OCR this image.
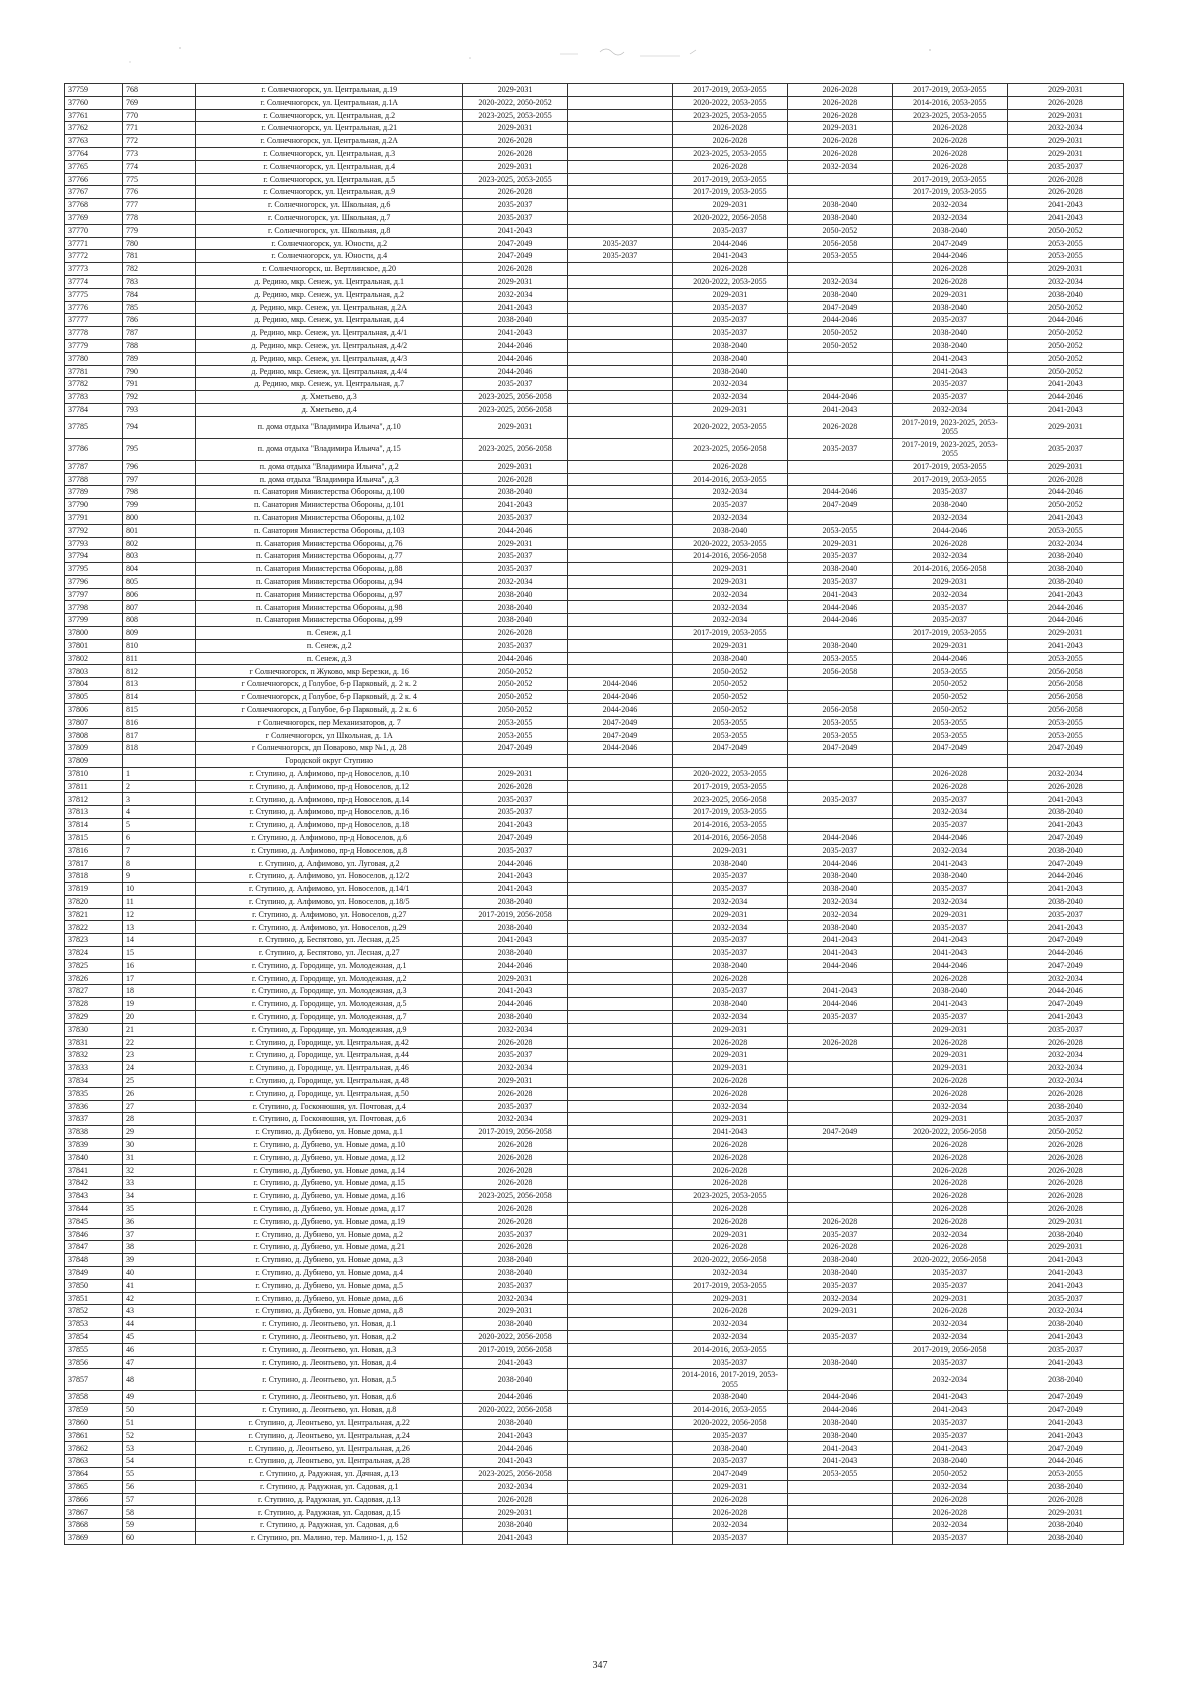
37759	768	г. Солнечногорск, ул. Центральная, д.19	2029-2031		2017-2019, 2053-2055	2026-2028	2017-2019, 2053-2055	2029-2031
37760	769	г. Солнечногорск, ул. Центральная, д.1А	2020-2022, 2050-2052		2020-2022, 2053-2055	2026-2028	2014-2016, 2053-2055	2026-2028
37761	770	г. Солнечногорск, ул. Центральная, д.2	2023-2025, 2053-2055		2023-2025, 2053-2055	2026-2028	2023-2025, 2053-2055	2029-2031
37762	771	г. Солнечногорск, ул. Центральная, д.21	2029-2031		2026-2028	2029-2031	2026-2028	2032-2034
37763	772	г. Солнечногорск, ул. Центральная, д.2А	2026-2028		2026-2028	2026-2028	2026-2028	2029-2031
37764	773	г. Солнечногорск, ул. Центральная, д.3	2026-2028		2023-2025, 2053-2055	2026-2028	2026-2028	2029-2031
37765	774	г. Солнечногорск, ул. Центральная, д.4	2029-2031		2026-2028	2032-2034	2026-2028	2035-2037
37766	775	г. Солнечногорск, ул. Центральная, д.5	2023-2025, 2053-2055		2017-2019, 2053-2055		2017-2019, 2053-2055	2026-2028
37767	776	г. Солнечногорск, ул. Центральная, д.9	2026-2028		2017-2019, 2053-2055		2017-2019, 2053-2055	2026-2028
37768	777	г. Солнечногорск, ул. Школьная, д.6	2035-2037		2029-2031	2038-2040	2032-2034	2041-2043
37769	778	г. Солнечногорск, ул. Школьная, д.7	2035-2037		2020-2022, 2056-2058	2038-2040	2032-2034	2041-2043
37770	779	г. Солнечногорск, ул. Школьная, д.8	2041-2043		2035-2037	2050-2052	2038-2040	2050-2052
37771	780	г. Солнечногорск, ул. Юности, д.2	2047-2049	2035-2037	2044-2046	2056-2058	2047-2049	2053-2055
37772	781	г. Солнечногорск, ул. Юности, д.4	2047-2049	2035-2037	2041-2043	2053-2055	2044-2046	2053-2055
37773	782	г. Солнечногорск, ш. Вертлинское, д.20	2026-2028		2026-2028		2026-2028	2029-2031
37774	783	д. Редино, мкр. Сенеж, ул. Центральная, д.1	2029-2031		2020-2022, 2053-2055	2032-2034	2026-2028	2032-2034
37775	784	д. Редино, мкр. Сенеж, ул. Центральная, д.2	2032-2034		2029-2031	2038-2040	2029-2031	2038-2040
37776	785	д. Редино, мкр. Сенеж, ул. Центральная, д.2А	2041-2043		2035-2037	2047-2049	2038-2040	2050-2052
37777	786	д. Редино, мкр. Сенеж, ул. Центральная, д.4	2038-2040		2035-2037	2044-2046	2035-2037	2044-2046
37778	787	д. Редино, мкр. Сенеж, ул. Центральная, д.4/1	2041-2043		2035-2037	2050-2052	2038-2040	2050-2052
37779	788	д. Редино, мкр. Сенеж, ул. Центральная, д.4/2	2044-2046		2038-2040	2050-2052	2038-2040	2050-2052
37780	789	д. Редино, мкр. Сенеж, ул. Центральная, д.4/3	2044-2046		2038-2040		2041-2043	2050-2052
37781	790	д. Редино, мкр. Сенеж, ул. Центральная, д.4/4	2044-2046		2038-2040		2041-2043	2050-2052
37782	791	д. Редино, мкр. Сенеж, ул. Центральная, д.7	2035-2037		2032-2034		2035-2037	2041-2043
37783	792	д. Хметьево, д.3	2023-2025, 2056-2058		2032-2034	2044-2046	2035-2037	2044-2046
37784	793	д. Хметьево, д.4	2023-2025, 2056-2058		2029-2031	2041-2043	2032-2034	2041-2043
37785	794	п. дома отдыха "Владимира Ильича", д.10	2029-2031		2020-2022, 2053-2055	2026-2028	2017-2019, 2023-2025, 2053-2055	2029-2031
37786	795	п. дома отдыха "Владимира Ильича", д.15	2023-2025, 2056-2058		2023-2025, 2056-2058	2035-2037	2017-2019, 2023-2025, 2053-2055	2035-2037
37787	796	п. дома отдыха "Владимира Ильича", д.2	2029-2031		2026-2028		2017-2019, 2053-2055	2029-2031
37788	797	п. дома отдыха "Владимира Ильича", д.3	2026-2028		2014-2016, 2053-2055		2017-2019, 2053-2055	2026-2028
37789	798	п. Санатория Министерства Обороны, д.100	2038-2040		2032-2034	2044-2046	2035-2037	2044-2046
37790	799	п. Санатория Министерства Обороны, д.101	2041-2043		2035-2037	2047-2049	2038-2040	2050-2052
37791	800	п. Санатория Министерства Обороны, д.102	2035-2037		2032-2034		2032-2034	2041-2043
37792	801	п. Санатория Министерства Обороны, д.103	2044-2046		2038-2040	2053-2055	2044-2046	2053-2055
37793	802	п. Санатория Министерства Обороны, д.76	2029-2031		2020-2022, 2053-2055	2029-2031	2026-2028	2032-2034
37794	803	п. Санатория Министерства Обороны, д.77	2035-2037		2014-2016, 2056-2058	2035-2037	2032-2034	2038-2040
37795	804	п. Санатория Министерства Обороны, д.88	2035-2037		2029-2031	2038-2040	2014-2016, 2056-2058	2038-2040
37796	805	п. Санатория Министерства Обороны, д.94	2032-2034		2029-2031	2035-2037	2029-2031	2038-2040
37797	806	п. Санатория Министерства Обороны, д.97	2038-2040		2032-2034	2041-2043	2032-2034	2041-2043
37798	807	п. Санатория Министерства Обороны, д.98	2038-2040		2032-2034	2044-2046	2035-2037	2044-2046
37799	808	п. Санатория Министерства Обороны, д.99	2038-2040		2032-2034	2044-2046	2035-2037	2044-2046
37800	809	п. Сенеж, д.1	2026-2028		2017-2019, 2053-2055		2017-2019, 2053-2055	2029-2031
37801	810	п. Сенеж, д.2	2035-2037		2029-2031	2038-2040	2029-2031	2041-2043
37802	811	п. Сенеж, д.3	2044-2046		2038-2040	2053-2055	2044-2046	2053-2055
37803	812	г Солнечногорск, п Жуково, мкр Березки, д. 16	2050-2052		2050-2052	2056-2058	2053-2055	2056-2058
37804	813	г Солнечногорск, д Голубое, б-р Парковый, д. 2 к. 2	2050-2052	2044-2046	2050-2052		2050-2052	2056-2058
37805	814	г Солнечногорск, д Голубое, б-р Парковый, д. 2 к. 4	2050-2052	2044-2046	2050-2052		2050-2052	2056-2058
37806	815	г Солнечногорск, д Голубое, б-р Парковый, д. 2 к. 6	2050-2052	2044-2046	2050-2052	2056-2058	2050-2052	2056-2058
37807	816	г Солнечногорск, пер Механизаторов, д. 7	2053-2055	2047-2049	2053-2055	2053-2055	2053-2055	2053-2055
37808	817	г Солнечногорск, ул Школьная, д. 1А	2053-2055	2047-2049	2053-2055	2053-2055	2053-2055	2053-2055
37809	818	г Солнечногорск, дп Поварово, мкр №1, д. 28	2047-2049	2044-2046	2047-2049	2047-2049	2047-2049	2047-2049
37809		Городской округ Ступино						
37810	1	г. Ступино, д. Алфимово, пр-д Новоселов, д.10	2029-2031		2020-2022, 2053-2055		2026-2028	2032-2034
37811	2	г. Ступино, д. Алфимово, пр-д Новоселов, д.12	2026-2028		2017-2019, 2053-2055		2026-2028	2026-2028
37812	3	г. Ступино, д. Алфимово, пр-д Новоселов, д.14	2035-2037		2023-2025, 2056-2058	2035-2037	2035-2037	2041-2043
37813	4	г. Ступино, д. Алфимово, пр-д Новоселов, д.16	2035-2037		2017-2019, 2053-2055		2032-2034	2038-2040
37814	5	г. Ступино, д. Алфимово, пр-д Новоселов, д.18	2041-2043		2014-2016, 2053-2055		2035-2037	2041-2043
37815	6	г. Ступино, д. Алфимово, пр-д Новоселов, д.6	2047-2049		2014-2016, 2056-2058	2044-2046	2044-2046	2047-2049
37816	7	г. Ступино, д. Алфимово, пр-д Новоселов, д.8	2035-2037		2029-2031	2035-2037	2032-2034	2038-2040
37817	8	г. Ступино, д. Алфимово, ул. Луговая, д.2	2044-2046		2038-2040	2044-2046	2041-2043	2047-2049
37818	9	г. Ступино, д. Алфимово, ул. Новоселов, д.12/2	2041-2043		2035-2037	2038-2040	2038-2040	2044-2046
37819	10	г. Ступино, д. Алфимово, ул. Новоселов, д.14/1	2041-2043		2035-2037	2038-2040	2035-2037	2041-2043
37820	11	г. Ступино, д. Алфимово, ул. Новоселов, д.18/5	2038-2040		2032-2034	2032-2034	2032-2034	2038-2040
37821	12	г. Ступино, д. Алфимово, ул. Новоселов, д.27	2017-2019, 2056-2058		2029-2031	2032-2034	2029-2031	2035-2037
37822	13	г. Ступино, д. Алфимово, ул. Новоселов, д.29	2038-2040		2032-2034	2038-2040	2035-2037	2041-2043
37823	14	г. Ступино, д. Беспятово, ул. Лесная, д.25	2041-2043		2035-2037	2041-2043	2041-2043	2047-2049
37824	15	г. Ступино, д. Беспятово, ул. Лесная, д.27	2038-2040		2035-2037	2041-2043	2041-2043	2044-2046
37825	16	г. Ступино, д. Городище, ул. Молодежная, д.1	2044-2046		2038-2040	2044-2046	2044-2046	2047-2049
37826	17	г. Ступино, д. Городище, ул. Молодежная, д.2	2029-2031		2026-2028		2026-2028	2032-2034
37827	18	г. Ступино, д. Городище, ул. Молодежная, д.3	2041-2043		2035-2037	2041-2043	2038-2040	2044-2046
37828	19	г. Ступино, д. Городище, ул. Молодежная, д.5	2044-2046		2038-2040	2044-2046	2041-2043	2047-2049
37829	20	г. Ступино, д. Городище, ул. Молодежная, д.7	2038-2040		2032-2034	2035-2037	2035-2037	2041-2043
37830	21	г. Ступино, д. Городище, ул. Молодежная, д.9	2032-2034		2029-2031		2029-2031	2035-2037
37831	22	г. Ступино, д. Городище, ул. Центральная, д.42	2026-2028		2026-2028	2026-2028	2026-2028	2026-2028
37832	23	г. Ступино, д. Городище, ул. Центральная, д.44	2035-2037		2029-2031		2029-2031	2032-2034
37833	24	г. Ступино, д. Городище, ул. Центральная, д.46	2032-2034		2029-2031		2029-2031	2032-2034
37834	25	г. Ступино, д. Городище, ул. Центральная, д.48	2029-2031		2026-2028		2026-2028	2032-2034
37835	26	г. Ступино, д. Городище, ул. Центральная, д.50	2026-2028		2026-2028		2026-2028	2026-2028
37836	27	г. Ступино, д. Госконюшня, ул. Почтовая, д.4	2035-2037		2032-2034		2032-2034	2038-2040
37837	28	г. Ступино, д. Госконюшня, ул. Почтовая, д.6	2032-2034		2029-2031		2029-2031	2035-2037
37838	29	г. Ступино, д. Дубнево, ул. Новые дома, д.1	2017-2019, 2056-2058		2041-2043	2047-2049	2020-2022, 2056-2058	2050-2052
37839	30	г. Ступино, д. Дубнево, ул. Новые дома, д.10	2026-2028		2026-2028		2026-2028	2026-2028
37840	31	г. Ступино, д. Дубнево, ул. Новые дома, д.12	2026-2028		2026-2028		2026-2028	2026-2028
37841	32	г. Ступино, д. Дубнево, ул. Новые дома, д.14	2026-2028		2026-2028		2026-2028	2026-2028
37842	33	г. Ступино, д. Дубнево, ул. Новые дома, д.15	2026-2028		2026-2028		2026-2028	2026-2028
37843	34	г. Ступино, д. Дубнево, ул. Новые дома, д.16	2023-2025, 2056-2058		2023-2025, 2053-2055		2026-2028	2026-2028
37844	35	г. Ступино, д. Дубнево, ул. Новые дома, д.17	2026-2028		2026-2028		2026-2028	2026-2028
37845	36	г. Ступино, д. Дубнево, ул. Новые дома, д.19	2026-2028		2026-2028	2026-2028	2026-2028	2029-2031
37846	37	г. Ступино, д. Дубнево, ул. Новые дома, д.2	2035-2037		2029-2031	2035-2037	2032-2034	2038-2040
37847	38	г. Ступино, д. Дубнево, ул. Новые дома, д.21	2026-2028		2026-2028	2026-2028	2026-2028	2029-2031
37848	39	г. Ступино, д. Дубнево, ул. Новые дома, д.3	2038-2040		2020-2022, 2056-2058	2038-2040	2020-2022, 2056-2058	2041-2043
37849	40	г. Ступино, д. Дубнево, ул. Новые дома, д.4	2038-2040		2032-2034	2038-2040	2035-2037	2041-2043
37850	41	г. Ступино, д. Дубнево, ул. Новые дома, д.5	2035-2037		2017-2019, 2053-2055	2035-2037	2035-2037	2041-2043
37851	42	г. Ступино, д. Дубнево, ул. Новые дома, д.6	2032-2034		2029-2031	2032-2034	2029-2031	2035-2037
37852	43	г. Ступино, д. Дубнево, ул. Новые дома, д.8	2029-2031		2026-2028	2029-2031	2026-2028	2032-2034
37853	44	г. Ступино, д. Леонтьево, ул. Новая, д.1	2038-2040		2032-2034		2032-2034	2038-2040
37854	45	г. Ступино, д. Леонтьево, ул. Новая, д.2	2020-2022, 2056-2058		2032-2034	2035-2037	2032-2034	2041-2043
37855	46	г. Ступино, д. Леонтьево, ул. Новая, д.3	2017-2019, 2056-2058		2014-2016, 2053-2055		2017-2019, 2056-2058	2035-2037
37856	47	г. Ступино, д. Леонтьево, ул. Новая, д.4	2041-2043		2035-2037	2038-2040	2035-2037	2041-2043
37857	48	г. Ступино, д. Леонтьево, ул. Новая, д.5	2038-2040		2014-2016, 2017-2019, 2053-2055		2032-2034	2038-2040
37858	49	г. Ступино, д. Леонтьево, ул. Новая, д.6	2044-2046		2038-2040	2044-2046	2041-2043	2047-2049
37859	50	г. Ступино, д. Леонтьево, ул. Новая, д.8	2020-2022, 2056-2058		2014-2016, 2053-2055	2044-2046	2041-2043	2047-2049
37860	51	г. Ступино, д. Леонтьево, ул. Центральная, д.22	2038-2040		2020-2022, 2056-2058	2038-2040	2035-2037	2041-2043
37861	52	г. Ступино, д. Леонтьево, ул. Центральная, д.24	2041-2043		2035-2037	2038-2040	2035-2037	2041-2043
37862	53	г. Ступино, д. Леонтьево, ул. Центральная, д.26	2044-2046		2038-2040	2041-2043	2041-2043	2047-2049
37863	54	г. Ступино, д. Леонтьево, ул. Центральная, д.28	2041-2043		2035-2037	2041-2043	2038-2040	2044-2046
37864	55	г. Ступино, д. Радужная, ул. Дачная, д.13	2023-2025, 2056-2058		2047-2049	2053-2055	2050-2052	2053-2055
37865	56	г. Ступино, д. Радужная, ул. Садовая, д.1	2032-2034		2029-2031		2032-2034	2038-2040
37866	57	г. Ступино, д. Радужная, ул. Садовая, д.13	2026-2028		2026-2028		2026-2028	2026-2028
37867	58	г. Ступино, д. Радужная, ул. Садовая, д.15	2029-2031		2026-2028		2026-2028	2029-2031
37868	59	г. Ступино, д. Радужная, ул. Садовая, д.6	2038-2040		2032-2034		2032-2034	2038-2040
37869	60	г. Ступино, рп. Малино, тер. Малино-1, д. 152	2041-2043		2035-2037		2035-2037	2038-2040
347
